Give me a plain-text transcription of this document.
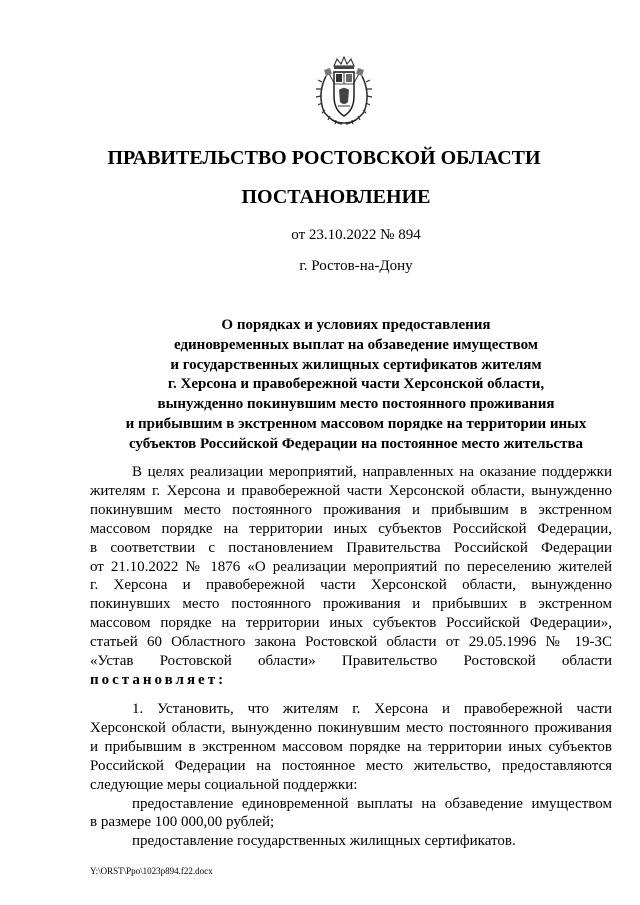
ПРАВИТЕЛЬСТВО РОСТОВСКОЙ ОБЛАСТИ
ПОСТАНОВЛЕНИЕ
от 23.10.2022 № 894
г. Ростов-на-Дону
О порядках и условиях предоставления
единовременных выплат на обзаведение имуществом
и государственных жилищных сертификатов жителям
г. Херсона и правобережной части Херсонской области,
вынужденно покинувшим место постоянного проживания
и прибывшим в экстренном массовом порядке на территории иных
субъектов Российской Федерации на постоянное место жительства
В целях реализации мероприятий, направленных на оказание поддержки
жителям г. Херсона и правобережной части Херсонской области, вынужденно
покинувшим место постоянного проживания и прибывшим в экстренном
массовом порядке на территории иных субъектов Российской Федерации,
в соответствии с постановлением Правительства Российской Федерации
от 21.10.2022 № 1876 «О реализации мероприятий по переселению жителей
г. Херсона и правобережной части Херсонской области, вынужденно
покинувших место постоянного проживания и прибывших в экстренном
массовом порядке на территории иных субъектов Российской Федерации»,
статьей 60 Областного закона Ростовской области от 29.05.1996 № 19-ЗС
«Устав Ростовской области» Правительство Ростовской области
постановляет:
1. Установить, что жителям г. Херсона и правобережной части
Херсонской области, вынужденно покинувшим место постоянного проживания
и прибывшим в экстренном массовом порядке на территории иных субъектов
Российской Федерации на постоянное место жительство, предоставляются
следующие меры социальной поддержки:
предоставление единовременной выплаты на обзаведение имуществом
в размере 100 000,00 рублей;
предоставление государственных жилищных сертификатов.
Y:\ORST\Ppo\1023p894.f22.docx
